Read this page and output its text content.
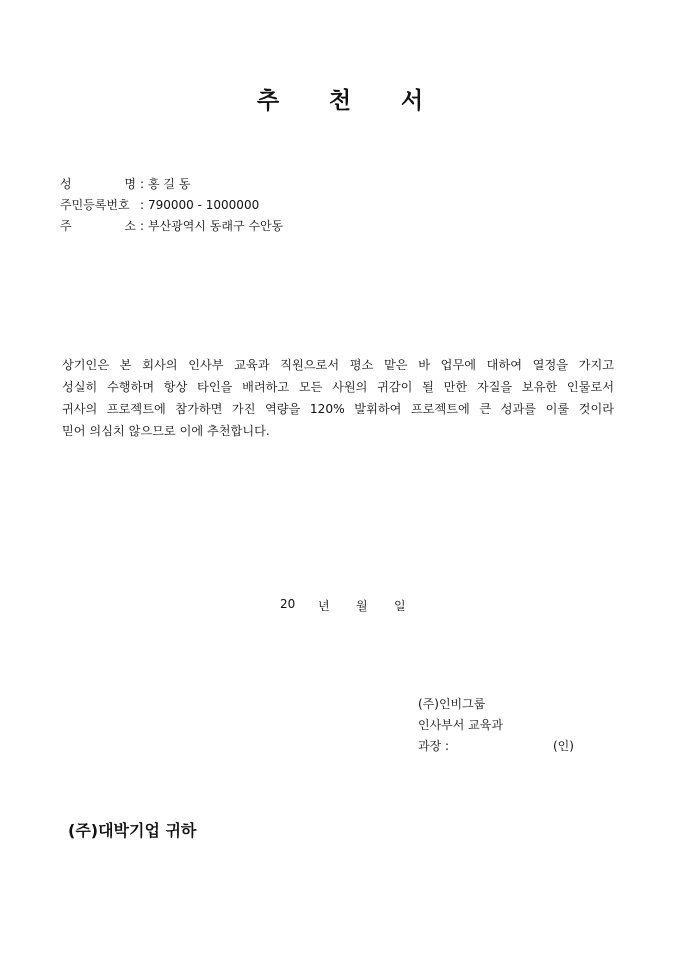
추	천	서
성	명 : 홍 길 동
주민등록번호 : 790000 - 1000000
주	소 : 부산광역시 동래구 수안동
상기인은 본 회사의 인사부 교육과 직원으로서 평소 맡은 바 업무에 대하여 열정을 가지고
성실히 수행하며 항상 타인을 배려하고 모든 사원의 귀감이 될 만한 자질을 보유한 인물로서
귀사의 프로젝트에 참가하면 가진 역량을 120% 발휘하여 프로젝트에 큰 성과를 이룰 것이라
믿어 의심치 않으므로 이에 추천합니다.
20	년	월	일
(주)인비그룹
인사부서 교육과
과장 :	(인)
(주)대박기업 귀하
